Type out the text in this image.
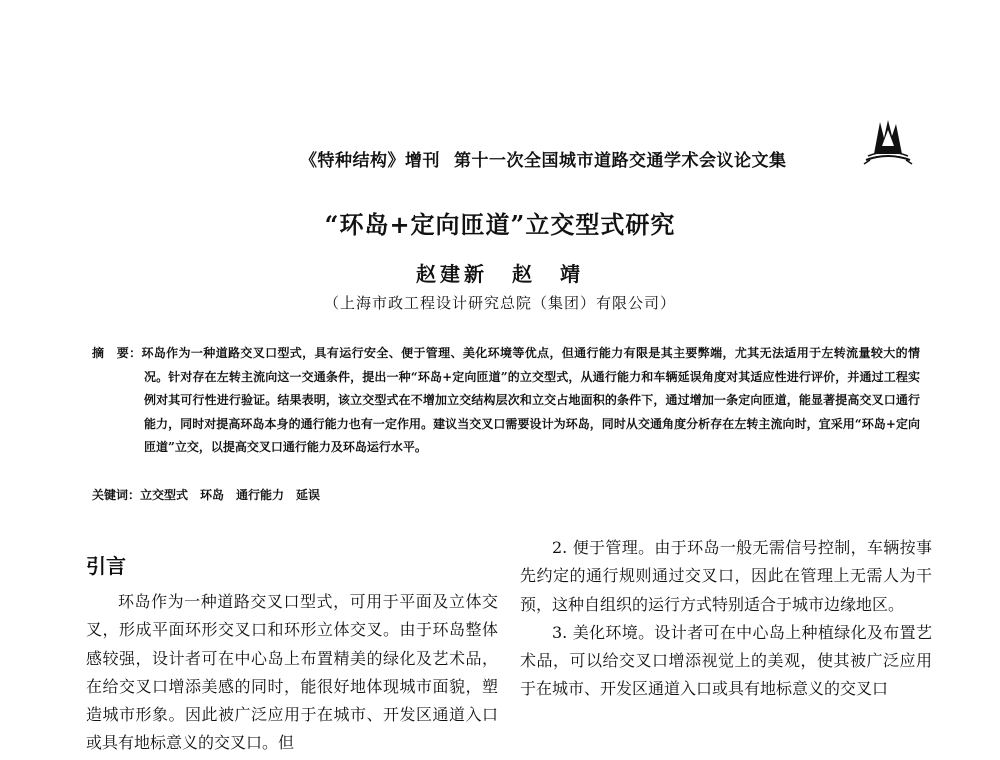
《特种结构》增刊 第十一次全国城市道路交通学术会议论文集
“环岛+定向匝道”立交型式研究
赵建新　赵　靖
（上海市政工程设计研究总院（集团）有限公司）
摘　要：环岛作为一种道路交叉口型式，具有运行安全、便于管理、美化环境等优点，但通行能力有限是其主要弊端，尤其无法适用于左转流量较大的情况。针对存在左转主流向这一交通条件，提出一种“环岛+定向匝道”的立交型式，从通行能力和车辆延误角度对其适应性进行评价，并通过工程实例对其可行性进行验证。结果表明，该立交型式在不增加立交结构层次和立交占地面积的条件下，通过增加一条定向匝道，能显著提高交叉口通行能力，同时对提高环岛本身的通行能力也有一定作用。建议当交叉口需要设计为环岛，同时从交通角度分析存在左转主流向时，宜采用“环岛+定向匝道”立交，以提高交叉口通行能力及环岛运行水平。
关键词：立交型式　环岛　通行能力　延误
引言

环岛作为一种道路交叉口型式，可用于平面及立体交叉，形成平面环形交叉口和环形立体交叉。由于环岛整体感较强，设计者可在中心岛上布置精美的绿化及艺术品，在给交叉口增添美感的同时，能很好地体现城市面貌，塑造城市形象。因此被广泛应用于在城市、开发区通道入口或具有地标意义的交叉口。但

2. 便于管理。由于环岛一般无需信号控制，车辆按事先约定的通行规则通过交叉口，因此在管理上无需人为干预，这种自组织的运行方式特别适合于城市边缘地区。

3. 美化环境。设计者可在中心岛上种植绿化及布置艺术品，可以给交叉口增添视觉上的美观，使其被广泛应用于在城市、开发区通道入口或具有地标意义的交叉口
